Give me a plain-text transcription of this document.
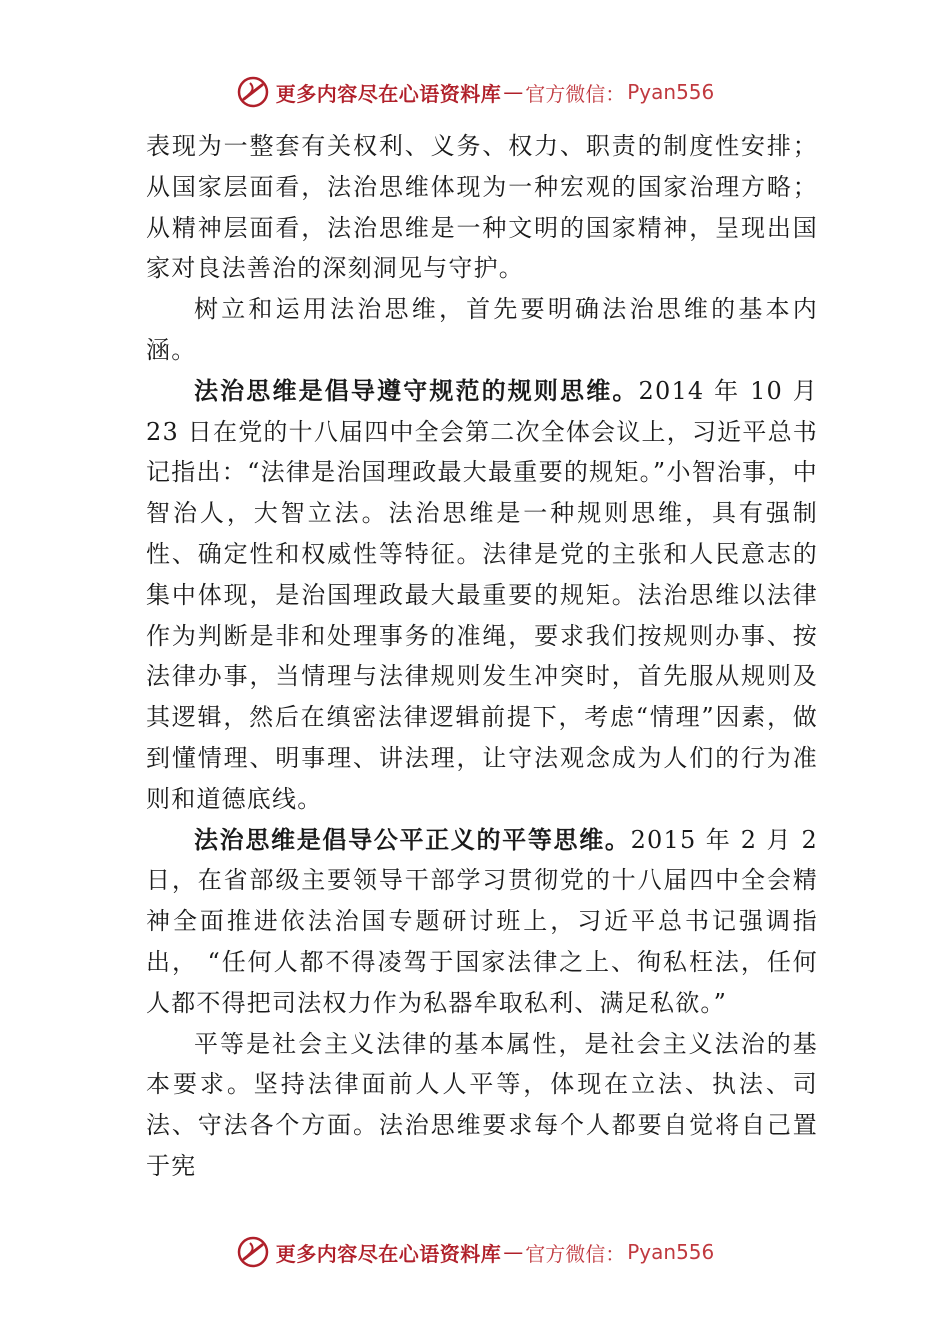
更多内容尽在心语资料库 — 官方微信： Pyan556

表现为一整套有关权利、义务、权力、职责的制度性安排； 从国家层面看，法治思维体现为一种宏观的国家治理方略； 从精神层面看，法治思维是一种文明的国家精神，呈现出国家对良法善治的深刻洞见与守护。

树立和运用法治思维，首先要明确法治思维的基本内涵。

法治思维是倡导遵守规范的规则思维。2014 年 10 月 23 日在党的十八届四中全会第二次全体会议上，习近平总书记指出：“法律是治国理政最大最重要的规矩。”小智治事，中智治人，大智立法。法治思维是一种规则思维，具有强制性、确定性和权威性等特征。法律是党的主张和人民意志的集中体现，是治国理政最大最重要的规矩。法治思维以法律作为判断是非和处理事务的准绳，要求我们按规则办事、按法律办事，当情理与法律规则发生冲突时，首先服从规则及其逻辑，然后在缜密法律逻辑前提下，考虑“情理”因素，做到懂情理、明事理、讲法理，让守法观念成为人们的行为准则和道德底线。

法治思维是倡导公平正义的平等思维。2015 年 2 月 2 日，在省部级主要领导干部学习贯彻党的十八届四中全会精神全面推进依法治国专题研讨班上，习近平总书记强调指出， “任何人都不得凌驾于国家法律之上、徇私枉法，任何人都不得把司法权力作为私器牟取私利、满足私欲。”

平等是社会主义法律的基本属性，是社会主义法治的基本要求。坚持法律面前人人平等，体现在立法、执法、司法、守法各个方面。法治思维要求每个人都要自觉将自己置于宪

更多内容尽在心语资料库 — 官方微信： Pyan556
